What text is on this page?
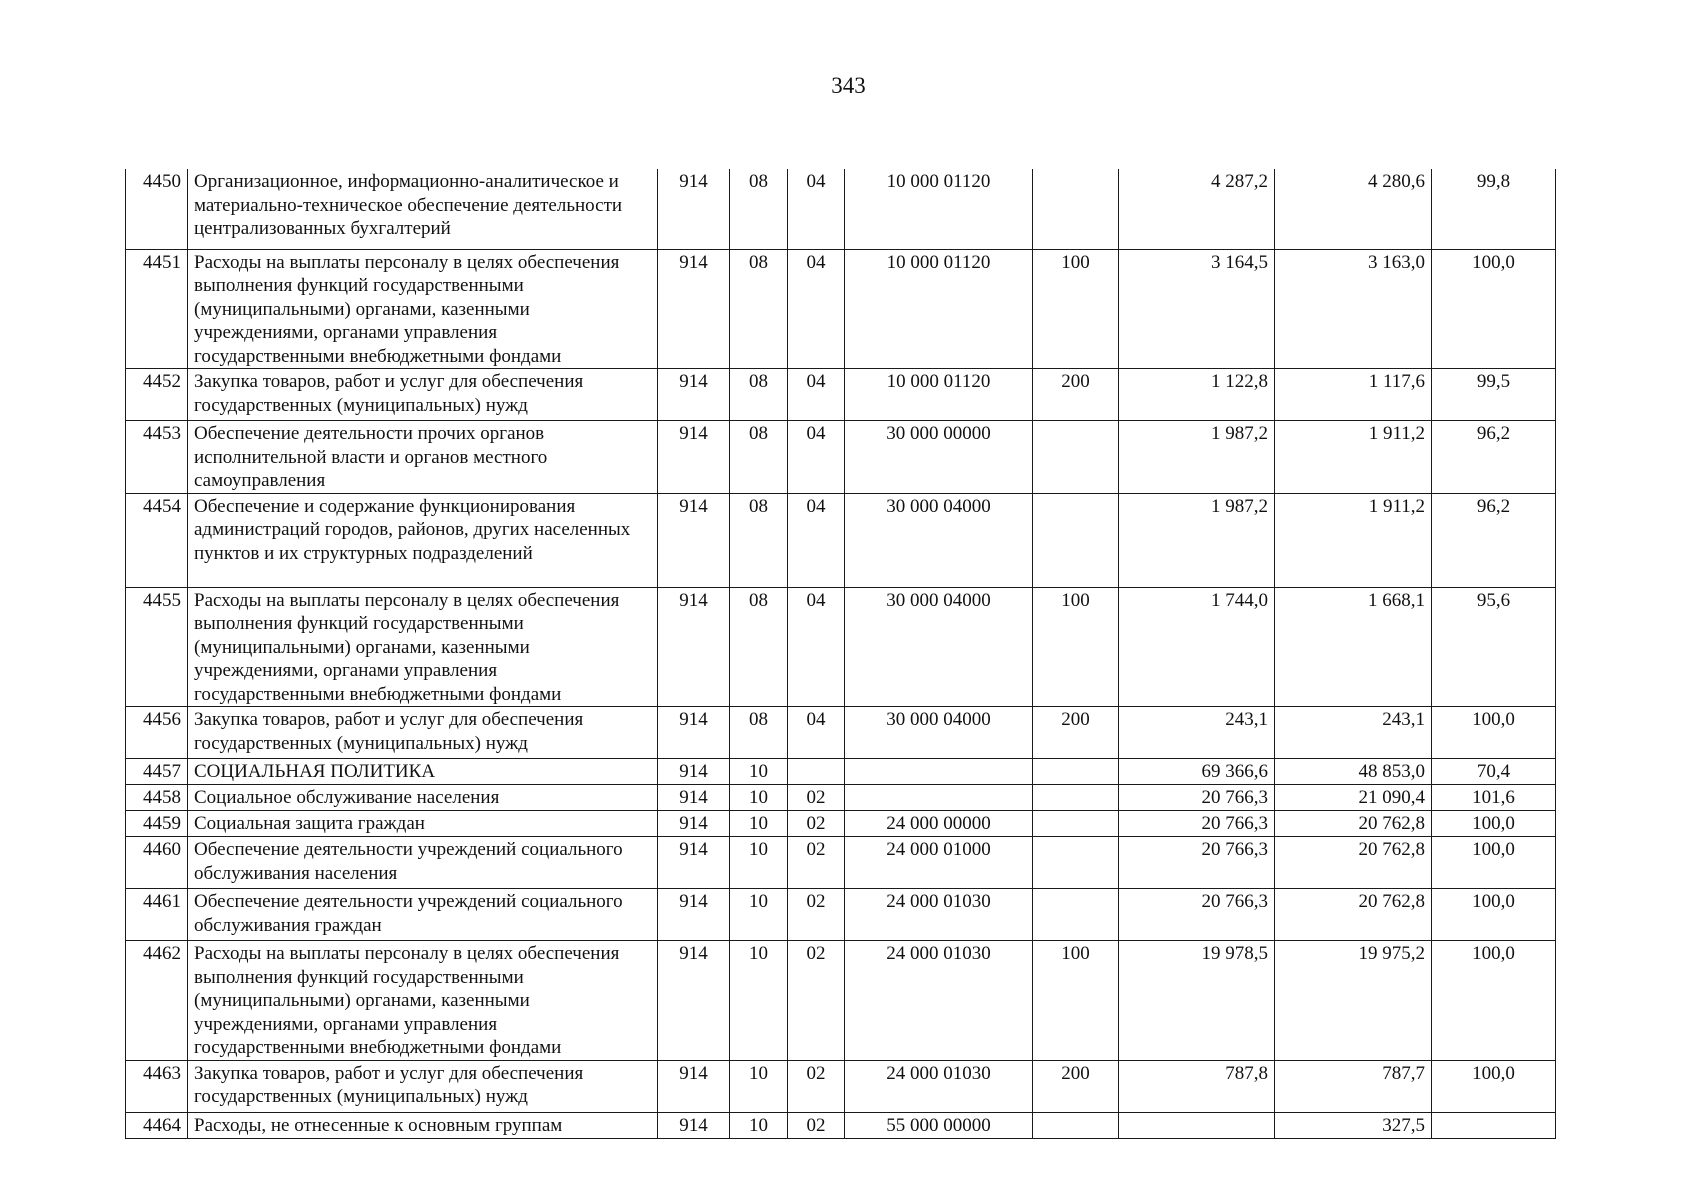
343
4450	Организационное, информационно-аналитическое и материально-техническое обеспечение деятельности централизованных бухгалтерий	914	08	04	10 000 01120		4 287,2	4 280,6	99,8
4451	Расходы на выплаты персоналу в целях обеспечения выполнения функций государственными (муниципальными) органами, казенными учреждениями, органами управления государственными внебюджетными фондами	914	08	04	10 000 01120	100	3 164,5	3 163,0	100,0
4452	Закупка товаров, работ и услуг для обеспечения государственных (муниципальных) нужд	914	08	04	10 000 01120	200	1 122,8	1 117,6	99,5
4453	Обеспечение деятельности прочих органов исполнительной власти и органов местного самоуправления	914	08	04	30 000 00000		1 987,2	1 911,2	96,2
4454	Обеспечение и содержание функционирования администраций городов, районов, других населенных пунктов и их структурных подразделений	914	08	04	30 000 04000		1 987,2	1 911,2	96,2
4455	Расходы на выплаты персоналу в целях обеспечения выполнения функций государственными (муниципальными) органами, казенными учреждениями, органами управления государственными внебюджетными фондами	914	08	04	30 000 04000	100	1 744,0	1 668,1	95,6
4456	Закупка товаров, работ и услуг для обеспечения государственных (муниципальных) нужд	914	08	04	30 000 04000	200	243,1	243,1	100,0
4457	СОЦИАЛЬНАЯ ПОЛИТИКА	914	10				69 366,6	48 853,0	70,4
4458	Социальное обслуживание населения	914	10	02			20 766,3	21 090,4	101,6
4459	Социальная защита граждан	914	10	02	24 000 00000		20 766,3	20 762,8	100,0
4460	Обеспечение деятельности учреждений социального обслуживания населения	914	10	02	24 000 01000		20 766,3	20 762,8	100,0
4461	Обеспечение деятельности учреждений социального обслуживания граждан	914	10	02	24 000 01030		20 766,3	20 762,8	100,0
4462	Расходы на выплаты персоналу в целях обеспечения выполнения функций государственными (муниципальными) органами, казенными учреждениями, органами управления государственными внебюджетными фондами	914	10	02	24 000 01030	100	19 978,5	19 975,2	100,0
4463	Закупка товаров, работ и услуг для обеспечения государственных (муниципальных) нужд	914	10	02	24 000 01030	200	787,8	787,7	100,0
4464	Расходы, не отнесенные к основным группам	914	10	02	55 000 00000			327,5	
